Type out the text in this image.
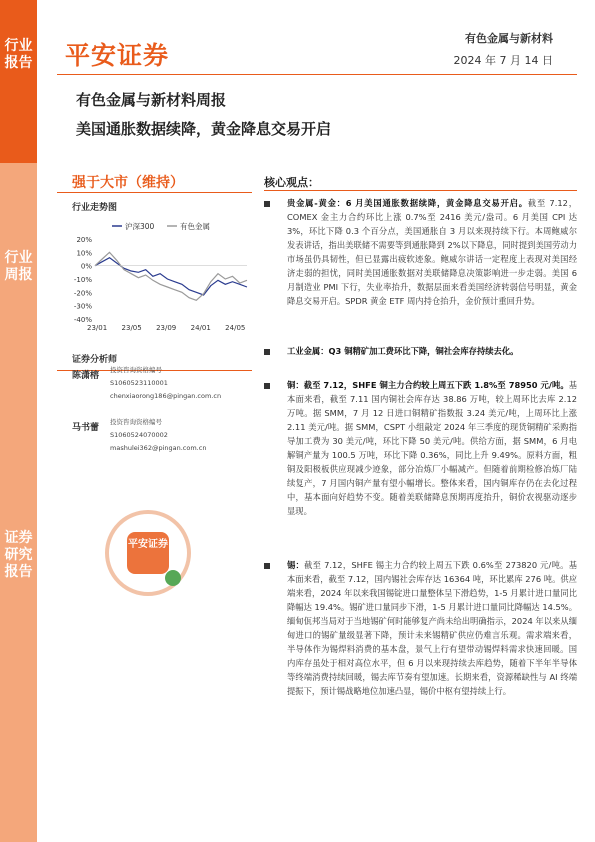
行业报告
行业周报
证券研究报告
平安证券
有色金属与新材料
2024 年 7 月 14 日
有色金属与新材料周报
美国通胀数据续降，黄金降息交易开启
强于大市（维持）
行业走势图
沪深300	有色金属
20%
10%
0%
-10%
-20%
-30%
-40%
23/01 23/05 23/09 24/01 24/05
证券分析师
陈潇榕
投资咨询资格编号
S1060523110001
chenxiaorong186@pingan.com.cn
马书蕾
投资咨询资格编号
S1060524070002
mashulei362@pingan.com.cn
平安证券
核心观点：
贵金属-黄金：6 月美国通胀数据续降，黄金降息交易开启。截至 7.12，COMEX 金主力合约环比上涨 0.7%至 2416 美元/盎司。6 月美国 CPI 达 3%，环比下降 0.3 个百分点，美国通胀自 3 月以来现持续下行。本周鲍威尔发表讲话，指出美联储不需要等到通胀降到 2%以下降息，同时提到美国劳动力市场虽仍具韧性，但已显露出疲软迹象。鲍威尔讲话一定程度上表现对美国经济走弱的担忧，同时美国通胀数据对美联储降息决策影响进一步走弱。美国 6 月制造业 PMI 下行，失业率抬升，数据层面来看美国经济转弱信号明显，黄金降息交易开启。SPDR 黄金 ETF 周内持仓抬升，金价预计重回升势。
工业金属：Q3 铜精矿加工费环比下降，铜社会库存持续去化。
铜：截至 7.12，SHFE 铜主力合约较上周五下跌 1.8%至 78950 元/吨。基本面来看，截至 7.11 国内铜社会库存达 38.86 万吨，较上周环比去库 2.12 万吨。据 SMM，7 月 12 日进口铜精矿指数报 3.24 美元/吨，上周环比上涨 2.11 美元/吨。据 SMM，CSPT 小组敲定 2024 年三季度的现货铜精矿采购指导加工费为 30 美元/吨，环比下降 50 美元/吨。供给方面，据 SMM，6 月电解铜产量为 100.5 万吨，环比下降 0.36%，同比上升 9.49%。原料方面，粗铜及阳极板供应现减少迹象，部分冶炼厂小幅减产。但随着前期检修冶炼厂陆续复产，7 月国内铜产量有望小幅增长。整体来看，国内铜库存仍在去化过程中，基本面向好趋势不变。随着美联储降息预期再度抬升，铜价农视驱动逐步显现。
锡：截至 7.12，SHFE 锡主力合约较上周五下跌 0.6%至 273820 元/吨。基本面来看，截至 7.12，国内锡社会库存达 16364 吨，环比累库 276 吨。供应端来看，2024 年以来我国锡锭进口量整体呈下滑趋势，1-5 月累计进口量同比降幅达 19.4%。锡矿进口量同步下滑，1-5 月累计进口量同比降幅达 14.5%。缅甸佤邦当局对于当地锡矿何时能够复产尚未给出明确指示，2024 年以来从缅甸进口的锡矿量级显著下降，预计未来锡精矿供应仍难言乐观。需求端来看，半导体作为锡焊料消费的基本盘，景气上行有望带动锡焊料需求快速回暖。国内库存虽处于相对高位水平，但 6 月以来现持续去库趋势，随着下半年半导体等终端消费持续回暖，锡去库节奏有望加速。长期来看，资源稀缺性与 AI 终端提振下，预计锡战略地位加速凸显，锡价中枢有望持续上行。
